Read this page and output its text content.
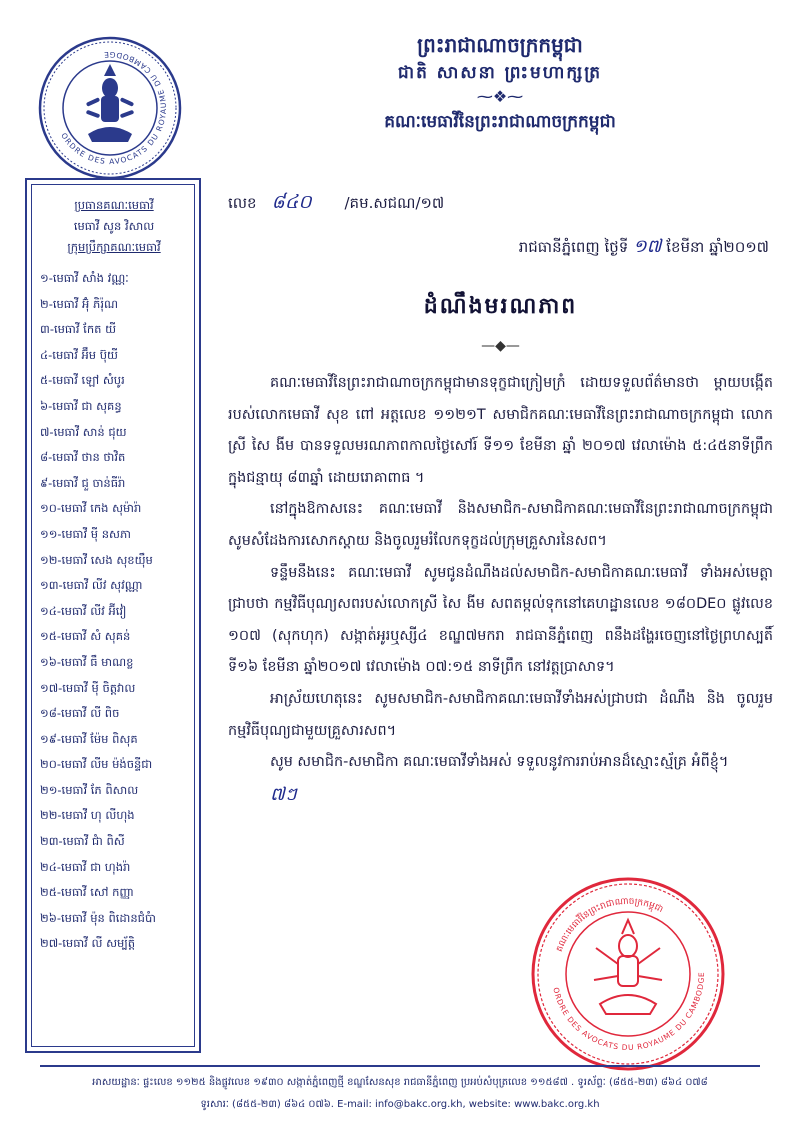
ORDRE DES AVOCATS DU ROYAUME DU CAMBODGE	ព្រះរាជាណាចក្រកម្ពុជា
ជាតិ សាសនា ព្រះមហាក្សត្រ
⁓❖⁓
គណៈមេធាវីនៃព្រះរាជាណាចក្រកម្ពុជា
ប្រធានគណៈមេធាវី
មេធាវី សូន វិសាល
ក្រុមប្រឹក្សាគណៈមេធាវី
១-មេធាវី សាំង វណ្ណៈ
២-មេធាវី អ៊ុំ ភិរ៉ុណ
៣-មេធាវី កែត យី
៤-មេធាវី អ៊ឹម ប៊ុយី
៥-មេធាវី ឡៅ សំបូរ
៦-មេធាវី ជា សុគន្ធ
៧-មេធាវី សាន់ ជុយ
៨-មេធាវី ថាន ថាវិត
៩-មេធាវី ជួ ចាន់ធីរ៉ា
១០-មេធាវី កេង សុម៉ារ៉ា
១១-មេធាវី ម៉ី នសភា
១២-មេធាវី សេង សុខយ៉ឹម
១៣-មេធាវី លីវ សុវណ្ណា
១៤-មេធាវី លីវ អ៊ីវៀ
១៥-មេធាវី សំ សុគន់
១៦-មេធាវី ធឹ មាណខ្ល
១៧-មេធាវី ម៉ី ចិត្តវាល
១៨-មេធាវី លី ពិច
១៩-មេធាវី ម៉ែម ពិសុគ
២០-មេធាវី លីម ម៉ង់ចន្ទីជា
២១-មេធាវី ភែ ពិសាល
២២-មេធាវី ហុ លីហុង
២៣-មេធាវី ជំា ពិសី
២៤-មេធាវី ជា ហុងរ៉ា
២៥-មេធាវី សៅ កញ្ញា
២៦-មេធាវី ម៉ុន ពិដោនជំបំា
២៧-មេធាវី លី សម្ប័ត្តិ
លេខ ៨៤០ /គម.សជណ/១៧
រាជធានីភ្នំពេញ ថ្ងៃទី ១៧ ខែមីនា ឆ្នាំ២០១៧
ដំណឹងមរណភាព
—◆—

គណៈមេធាវីនៃព្រះរាជាណាចក្រកម្ពុជាមានទុក្ខជាក្រៀមក្រំ ដោយទទួលព័ត៌មានថា ម្ដាយបង្កើតរបស់លោកមេធាវី សុខ ពៅ អត្តលេខ ១១២១T សមាជិកគណៈមេធាវីនៃព្រះរាជាណាចក្រកម្ពុជា លោកស្រី សៃ ងីម បានទទួលមរណភាពកាលថ្ងៃសៅរ៍ ទី១១ ខែមីនា ឆ្នាំ ២០១៧ វេលាម៉ោង ៥:៤៥នាទីព្រឹក ក្នុងជន្មាយុ ៨៣ឆ្នាំ ដោយរោគាពាធ ។

នៅក្នុងឱកាសនេះ គណៈមេធាវី និងសមាជិក-សមាជិកាគណៈមេធាវីនៃព្រះរាជាណាចក្រកម្ពុជា សូមសំដែងការសោកស្ដាយ និងចូលរួមរំលែកទុក្ខដល់ក្រុមគ្រួសារនៃសព។

ទន្ទឹមនឹងនេះ គណៈមេធាវី សូមជូនដំណឹងដល់សមាជិក-សមាជិកាគណៈមេធាវី ទាំងអស់មេត្តាជ្រាបថា កម្មវិធីបុណ្យសពរបស់លោកស្រី សៃ ងីម សពតម្កល់ទុកនៅគេហដ្ឋានលេខ ១៨០DE០ ផ្លូវលេខ ១០៧ (សុកហុក) សង្កាត់អូរឬស្សី៤ ខណ្ឌ៧មករា រាជធានីភ្នំពេញ ពនឹងដង្ហែរចេញនៅថ្ងៃព្រហស្បតិ៍ ទី១៦ ខែមីនា ឆ្នាំ២០១៧ វេលាម៉ោង ០៧:១៥ នាទីព្រឹក នៅវត្តប្រាសាទ។

អាស្រ័យហេតុនេះ សូមសមាជិក-សមាជិកាគណៈមេធាវីទាំងអស់ជ្រាបជា ដំណឹង និង ចូលរួមកម្មវិធីបុណ្យជាមួយគ្រួសារសព។

សូម សមាជិក-សមាជិកា គណៈមេធាវីទាំងអស់ ទទួលនូវការរាប់អានដ៏ស្មោះស្ម័គ្រ អំពីខ្ញុំ។

៧ៗ

គណៈមេធាវីនៃព្រះរាជាណាចក្រកម្ពុជា
ORDRE DES AVOCATS DU ROYAUME DU CAMBODGE
អាសយដ្ឋានៈ ផ្ទះលេខ ១១២៥ និងផ្លូវលេខ ១៩៣០ សង្កាត់ភ្នំពេញថ្មី ខណ្ឌសែនសុខ រាជធានីភ្នំពេញ ប្រអប់សំបុត្រលេខ ១១៥៨៧ . ទូរស័ព្ទៈ (៨៥៥-២៣) ៨៦៤ ០៧៨
ទូរសារៈ (៨៥៥-២៣) ៨៦៤ ០៧៦. E-mail: info@bakc.org.kh, website: www.bakc.org.kh
